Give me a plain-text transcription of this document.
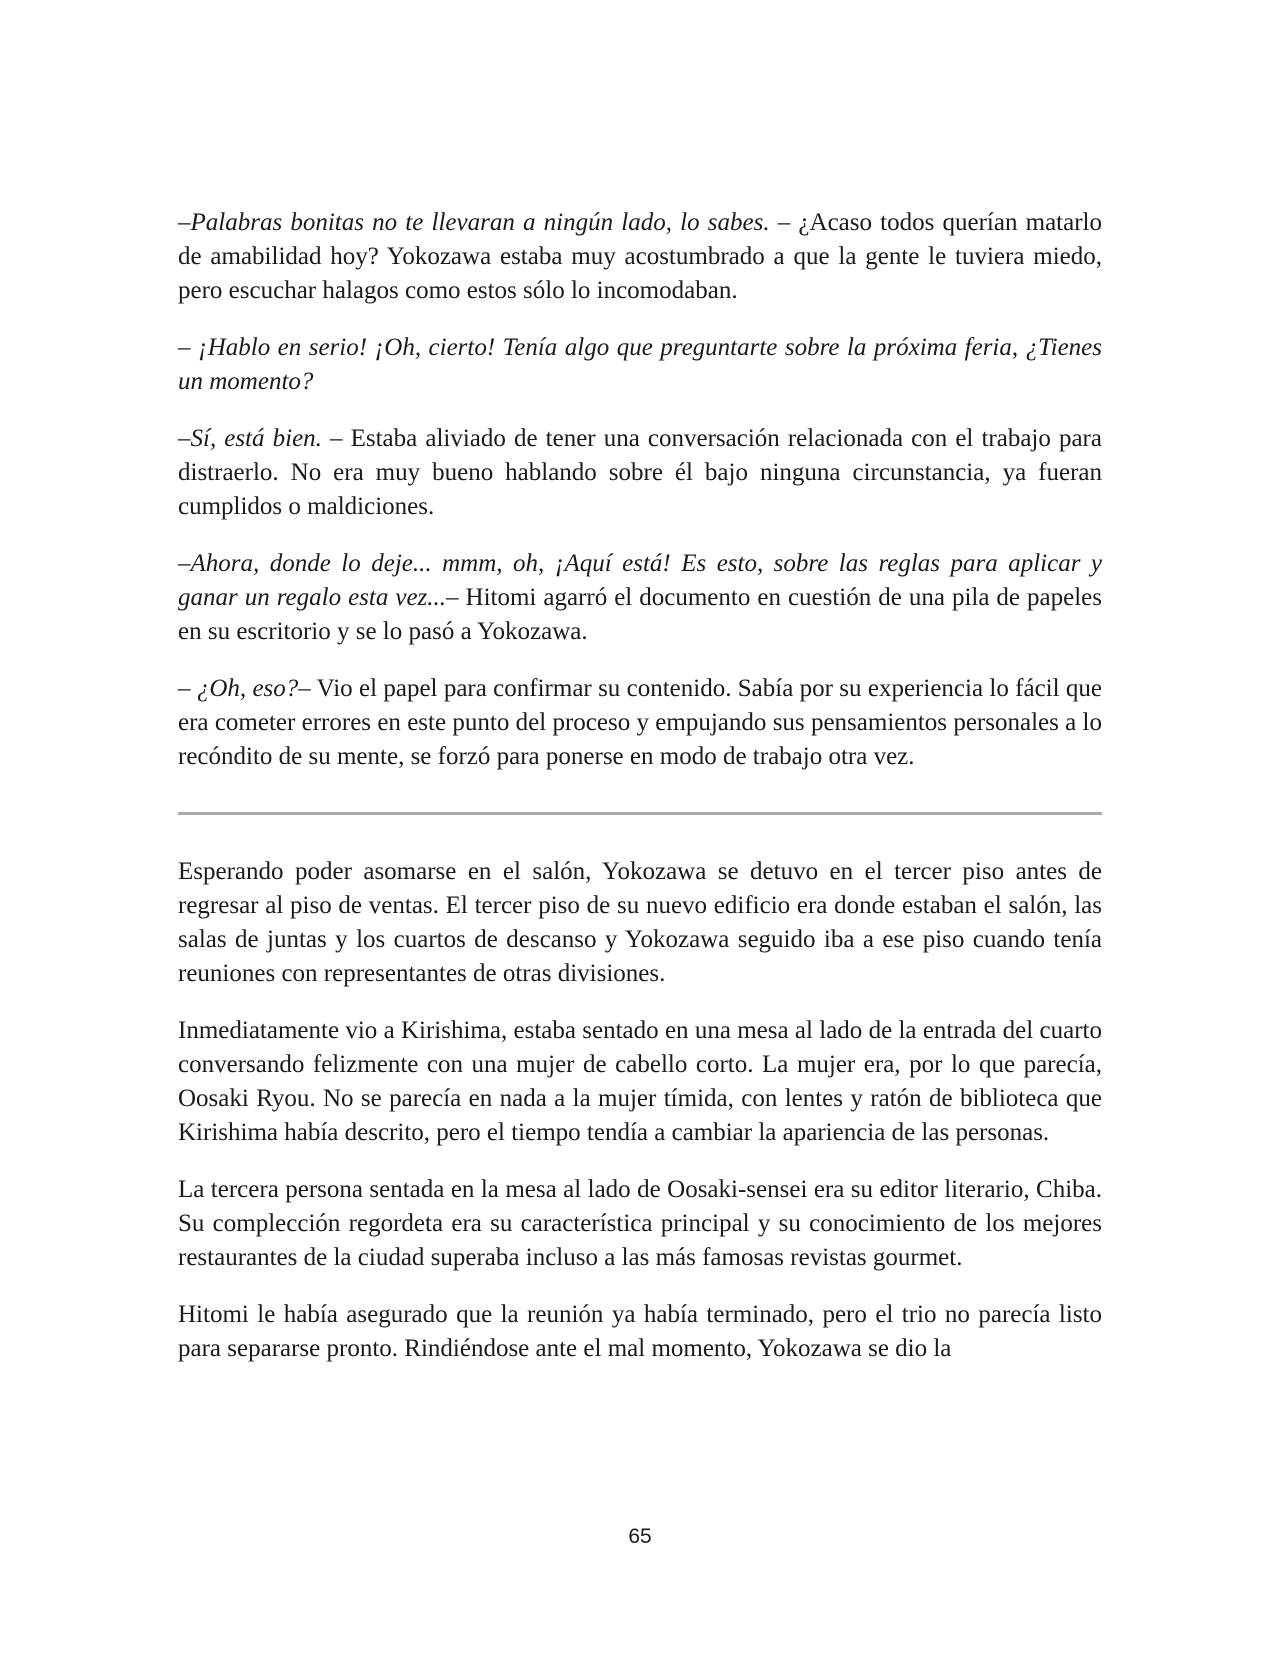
–Palabras bonitas no te llevaran a ningún lado, lo sabes. – ¿Acaso todos querían matarlo de amabilidad hoy? Yokozawa estaba muy acostumbrado a que la gente le tuviera miedo, pero escuchar halagos como estos sólo lo incomodaban.

– ¡Hablo en serio! ¡Oh, cierto! Tenía algo que preguntarte sobre la próxima feria, ¿Tienes un momento?

–Sí, está bien. – Estaba aliviado de tener una conversación relacionada con el trabajo para distraerlo. No era muy bueno hablando sobre él bajo ninguna circunstancia, ya fueran cumplidos o maldiciones.

–Ahora, donde lo deje... mmm, oh, ¡Aquí está! Es esto, sobre las reglas para aplicar y ganar un regalo esta vez...– Hitomi agarró el documento en cuestión de una pila de papeles en su escritorio y se lo pasó a Yokozawa.

– ¿Oh, eso?– Vio el papel para confirmar su contenido. Sabía por su experiencia lo fácil que era cometer errores en este punto del proceso y empujando sus pensamientos personales a lo recóndito de su mente, se forzó para ponerse en modo de trabajo otra vez.

Esperando poder asomarse en el salón, Yokozawa se detuvo en el tercer piso antes de regresar al piso de ventas. El tercer piso de su nuevo edificio era donde estaban el salón, las salas de juntas y los cuartos de descanso y Yokozawa seguido iba a ese piso cuando tenía reuniones con representantes de otras divisiones.

Inmediatamente vio a Kirishima, estaba sentado en una mesa al lado de la entrada del cuarto conversando felizmente con una mujer de cabello corto. La mujer era, por lo que parecía, Oosaki Ryou. No se parecía en nada a la mujer tímida, con lentes y ratón de biblioteca que Kirishima había descrito, pero el tiempo tendía a cambiar la apariencia de las personas.

La tercera persona sentada en la mesa al lado de Oosaki-sensei era su editor literario, Chiba. Su complección regordeta era su característica principal y su conocimiento de los mejores restaurantes de la ciudad superaba incluso a las más famosas revistas gourmet.

Hitomi le había asegurado que la reunión ya había terminado, pero el trio no parecía listo para separarse pronto. Rindiéndose ante el mal momento, Yokozawa se dio la

65
